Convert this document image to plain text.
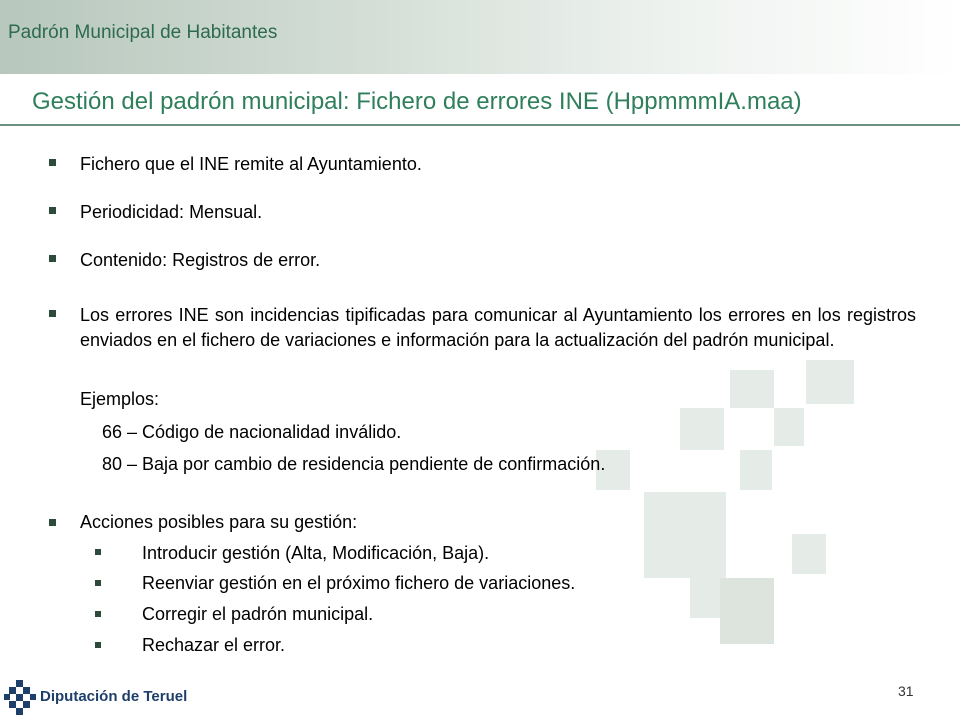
Padrón Municipal de Habitantes
Gestión del padrón municipal: Fichero de errores INE (HppmmmIA.maa)
Fichero que el INE remite al Ayuntamiento.
Periodicidad: Mensual.
Contenido: Registros de error.
Los errores INE son incidencias tipificadas para comunicar al Ayuntamiento los errores en los registros enviados en el fichero de variaciones e información para la actualización del padrón municipal.
Ejemplos:
66 – Código de nacionalidad inválido.
80 – Baja por cambio de residencia pendiente de confirmación.
Acciones posibles para su gestión:
Introducir gestión (Alta, Modificación, Baja).
Reenviar gestión en el próximo fichero de variaciones.
Corregir el padrón municipal.
Rechazar el error.
Diputación de Teruel	31
